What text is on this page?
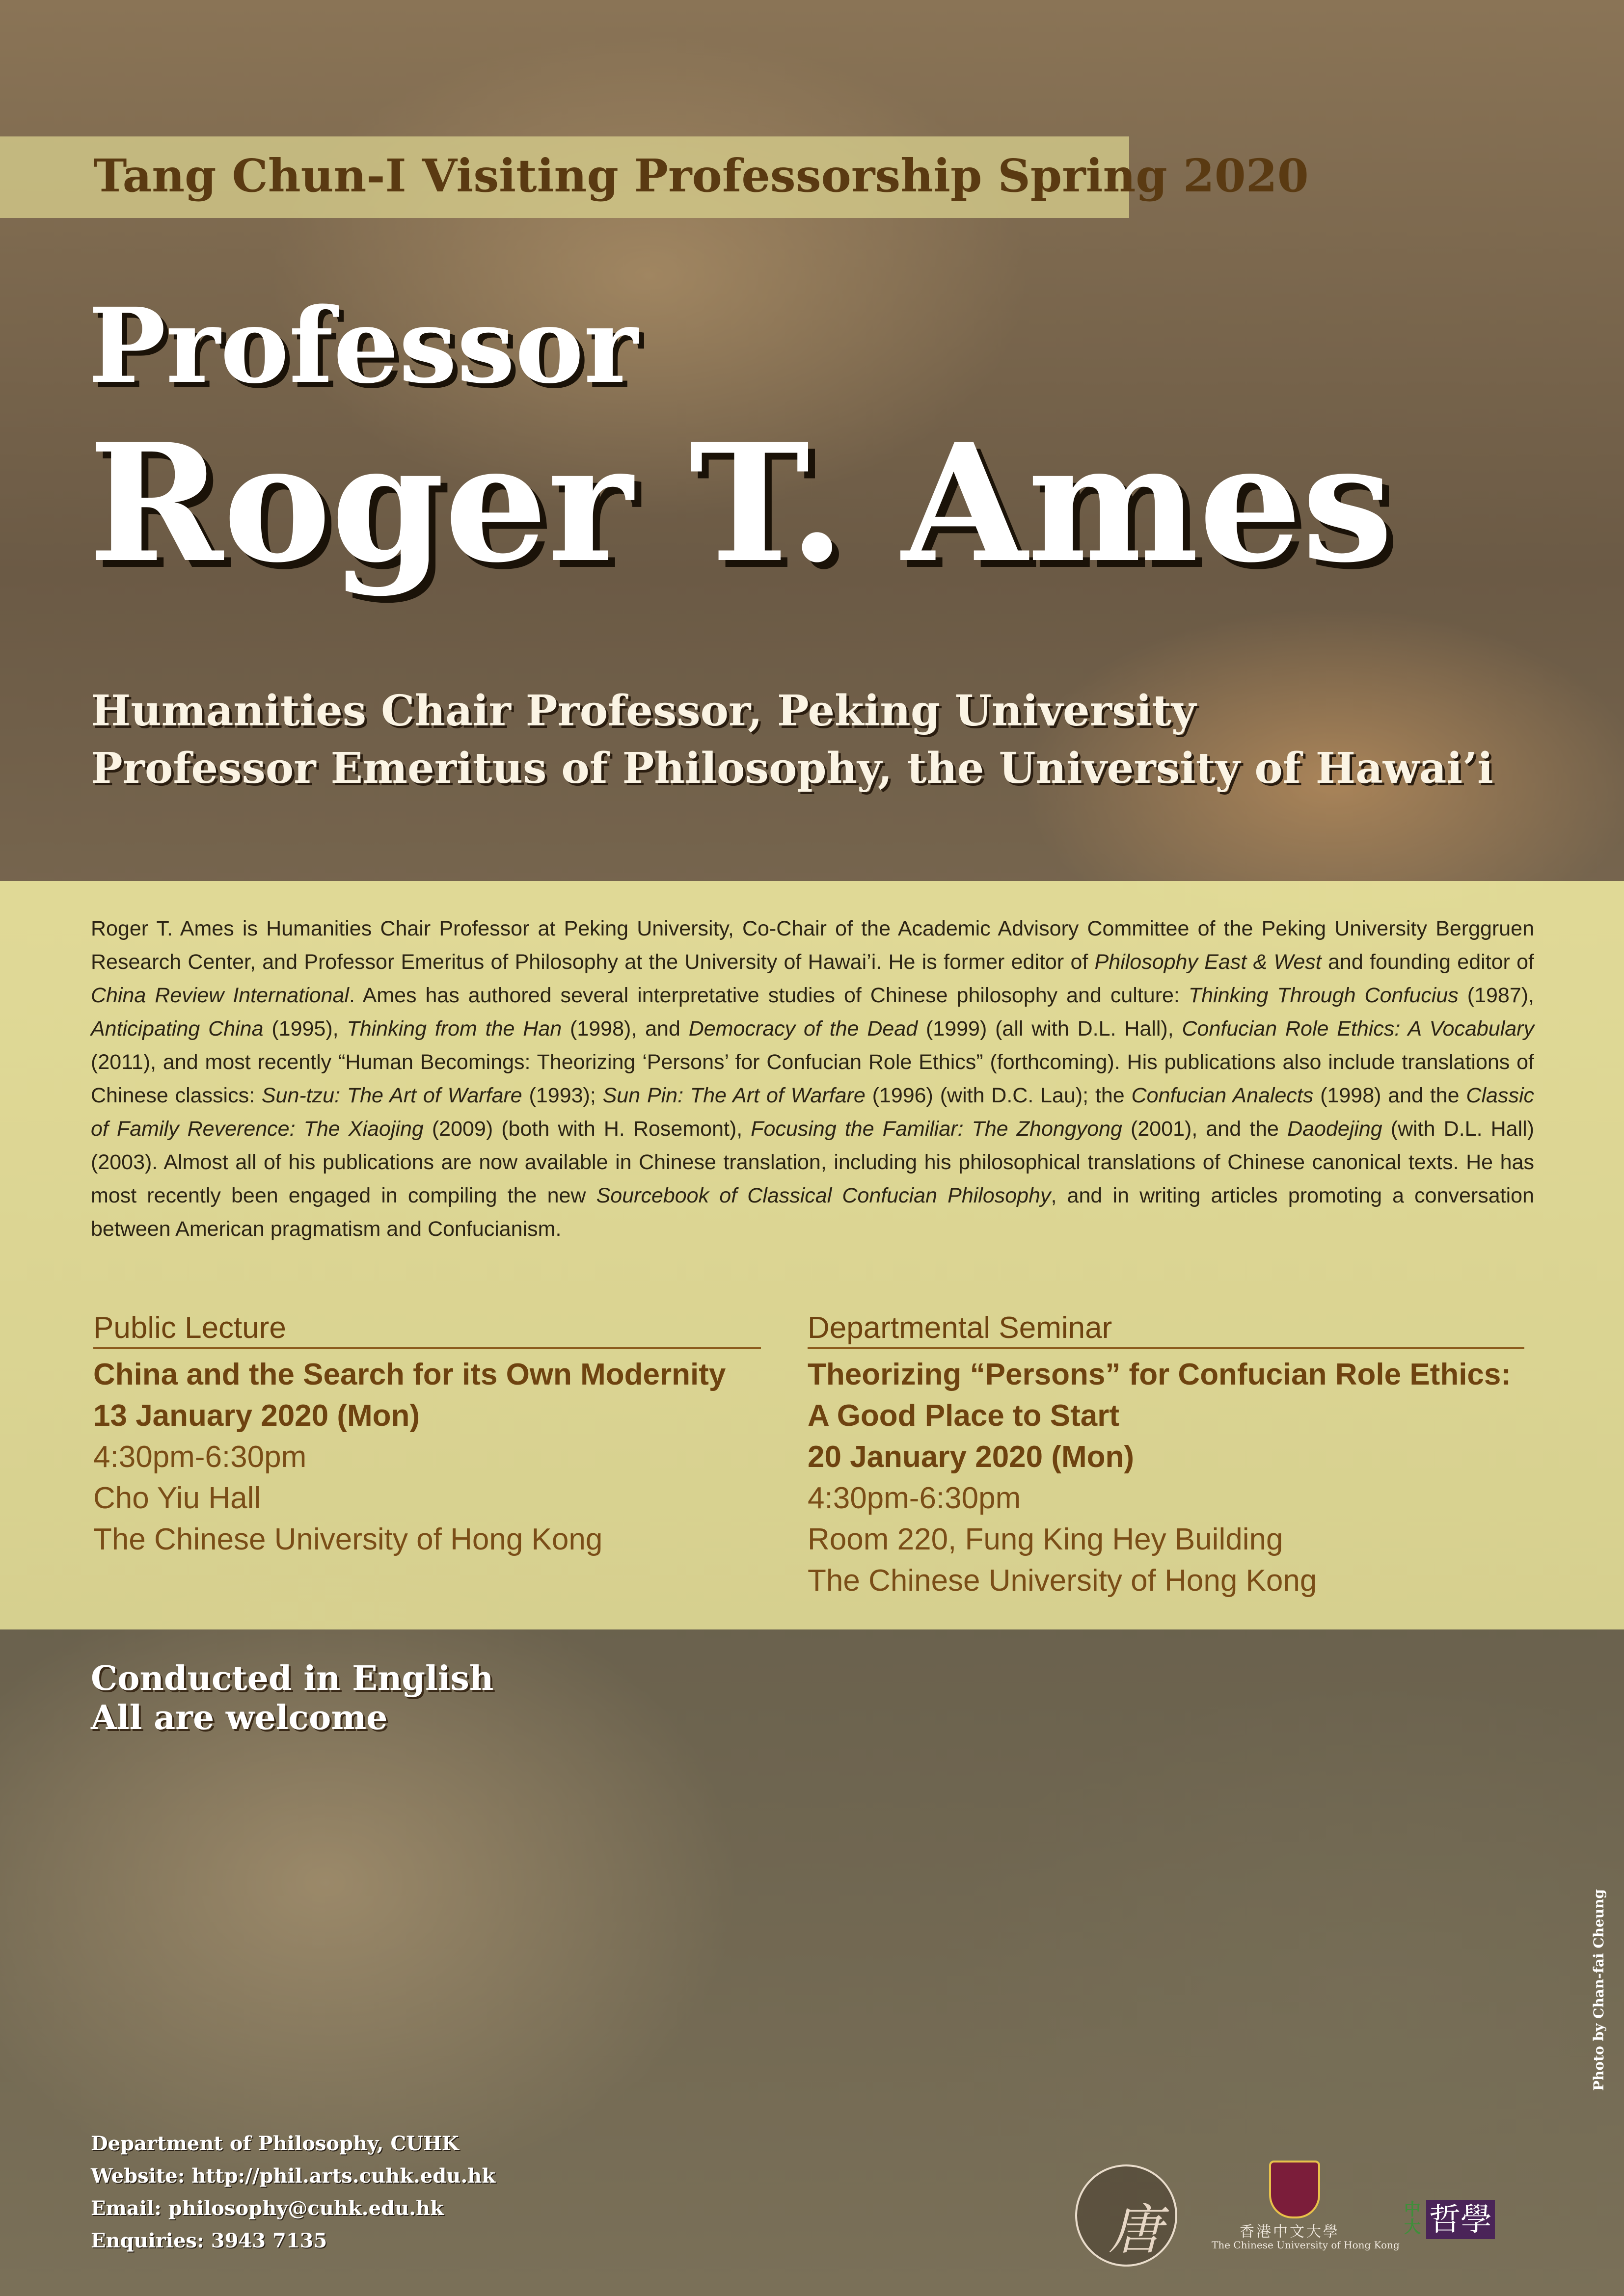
Tang Chun-I Visiting Professorship Spring 2020
Professor
Roger T. Ames
Humanities Chair Professor, Peking University
Professor Emeritus of Philosophy, the University of Hawai’i
Roger T. Ames is Humanities Chair Professor at Peking University, Co-Chair of the Academic Advisory Committee of the Peking University Berggruen Research Center, and Professor Emeritus of Philosophy at the University of Hawai’i. He is former editor of Philosophy East & West and founding editor of China Review International. Ames has authored several interpretative studies of Chinese philosophy and culture: Thinking Through Confucius (1987), Anticipating China (1995), Thinking from the Han (1998), and Democracy of the Dead (1999) (all with D.L. Hall), Confucian Role Ethics: A Vocabulary (2011), and most recently “Human Becomings: Theorizing ‘Persons’ for Confucian Role Ethics” (forthcoming). His publications also include translations of Chinese classics: Sun-tzu: The Art of Warfare (1993); Sun Pin: The Art of Warfare (1996) (with D.C. Lau); the Confucian Analects (1998) and the Classic of Family Reverence: The Xiaojing (2009) (both with H. Rosemont), Focusing the Familiar: The Zhongyong (2001), and the Daodejing (with D.L. Hall) (2003). Almost all of his publications are now available in Chinese translation, including his philosophical translations of Chinese canonical texts. He has most recently been engaged in compiling the new Sourcebook of Classical Confucian Philosophy, and in writing articles promoting a conversation between American pragmatism and Confucianism.
Public Lecture
China and the Search for its Own Modernity
13 January 2020 (Mon)
4:30pm-6:30pm
Cho Yiu Hall
The Chinese University of Hong Kong
Departmental Seminar
Theorizing “Persons” for Confucian Role Ethics:
A Good Place to Start
20 January 2020 (Mon)
4:30pm-6:30pm
Room 220, Fung King Hey Building
The Chinese University of Hong Kong
Conducted in English
All are welcome
Department of Philosophy, CUHK
Website: http://phil.arts.cuhk.edu.hk
Email: philosophy@cuhk.edu.hk
Enquiries: 3943 7135
Photo by Chan-fai Cheung
唐	香港中文大學
The Chinese University of Hong Kong
中大 哲學
